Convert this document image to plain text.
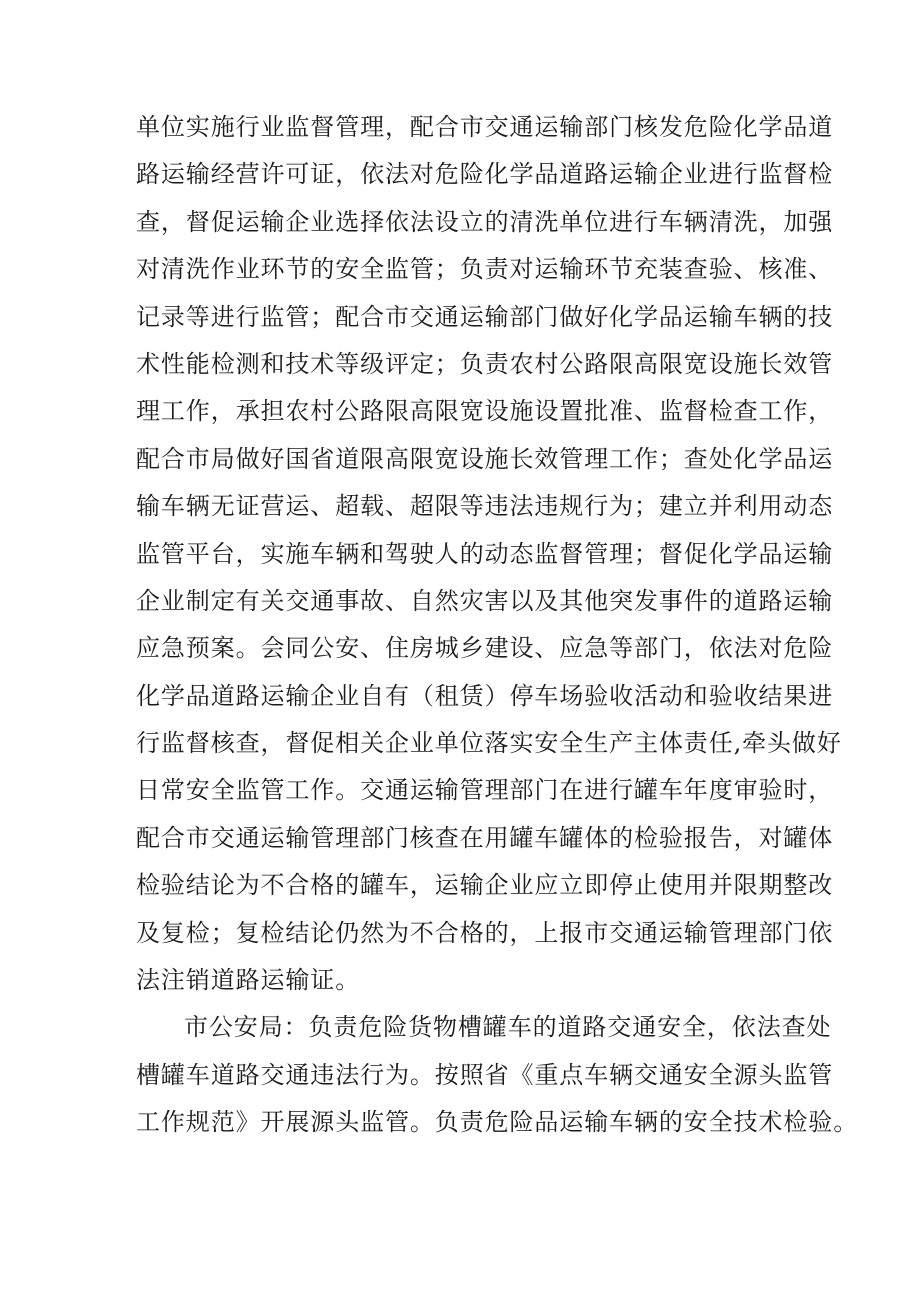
单位实施行业监督管理，配合市交通运输部门核发危险化学品道
路运输经营许可证，依法对危险化学品道路运输企业进行监督检
查，督促运输企业选择依法设立的清洗单位进行车辆清洗，加强
对清洗作业环节的安全监管；负责对运输环节充装查验、核准、
记录等进行监管；配合市交通运输部门做好化学品运输车辆的技
术性能检测和技术等级评定；负责农村公路限高限宽设施长效管
理工作，承担农村公路限高限宽设施设置批准、监督检查工作，
配合市局做好国省道限高限宽设施长效管理工作；查处化学品运
输车辆无证营运、超载、超限等违法违规行为；建立并利用动态
监管平台，实施车辆和驾驶人的动态监督管理；督促化学品运输
企业制定有关交通事故、自然灾害以及其他突发事件的道路运输
应急预案。会同公安、住房城乡建设、应急等部门，依法对危险
化学品道路运输企业自有（租赁）停车场验收活动和验收结果进
行监督核查，督促相关企业单位落实安全生产主体责任,牵头做好
日常安全监管工作。交通运输管理部门在进行罐车年度审验时，
配合市交通运输管理部门核查在用罐车罐体的检验报告，对罐体
检验结论为不合格的罐车，运输企业应立即停止使用并限期整改
及复检；复检结论仍然为不合格的，上报市交通运输管理部门依
法注销道路运输证。
市公安局：负责危险货物槽罐车的道路交通安全，依法查处
槽罐车道路交通违法行为。按照省《重点车辆交通安全源头监管
工作规范》开展源头监管。负责危险品运输车辆的安全技术检验。
